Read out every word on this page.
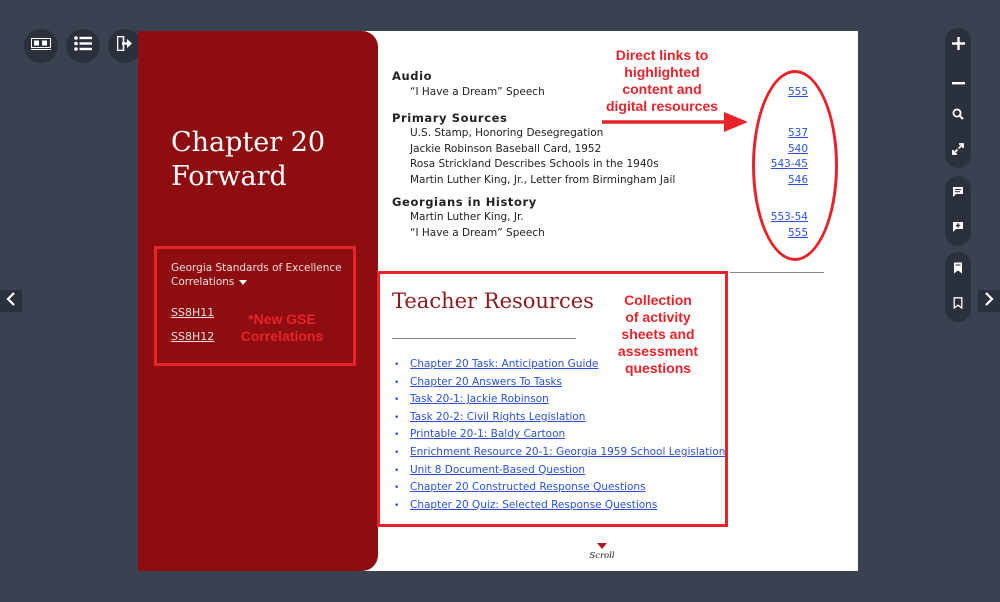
Chapter 20
Forward
Georgia Standards of Excellence
Correlations
SS8H11
SS8H12
Audio
“I Have a Dream” Speech	555
Primary Sources
U.S. Stamp, Honoring Desegregation	537
Jackie Robinson Baseball Card, 1952	540
Rosa Strickland Describes Schools in the 1940s	543-45
Martin Luther King, Jr., Letter from Birmingham Jail	546
Georgians in History
Martin Luther King, Jr.	553-54
“I Have a Dream” Speech	555
Teacher Resources
• Chapter 20 Task: Anticipation Guide
• Chapter 20 Answers To Tasks
• Task 20-1: Jackie Robinson
• Task 20-2: Civil Rights Legislation
• Printable 20-1: Baldy Cartoon
• Enrichment Resource 20-1: Georgia 1959 School Legislation
• Unit 8 Document-Based Question
• Chapter 20 Constructed Response Questions
• Chapter 20 Quiz: Selected Response Questions
Scroll
Direct links to
highlighted
content and
digital resources
*New GSE
Correlations
Collection
of activity
sheets and
assessment
questions
